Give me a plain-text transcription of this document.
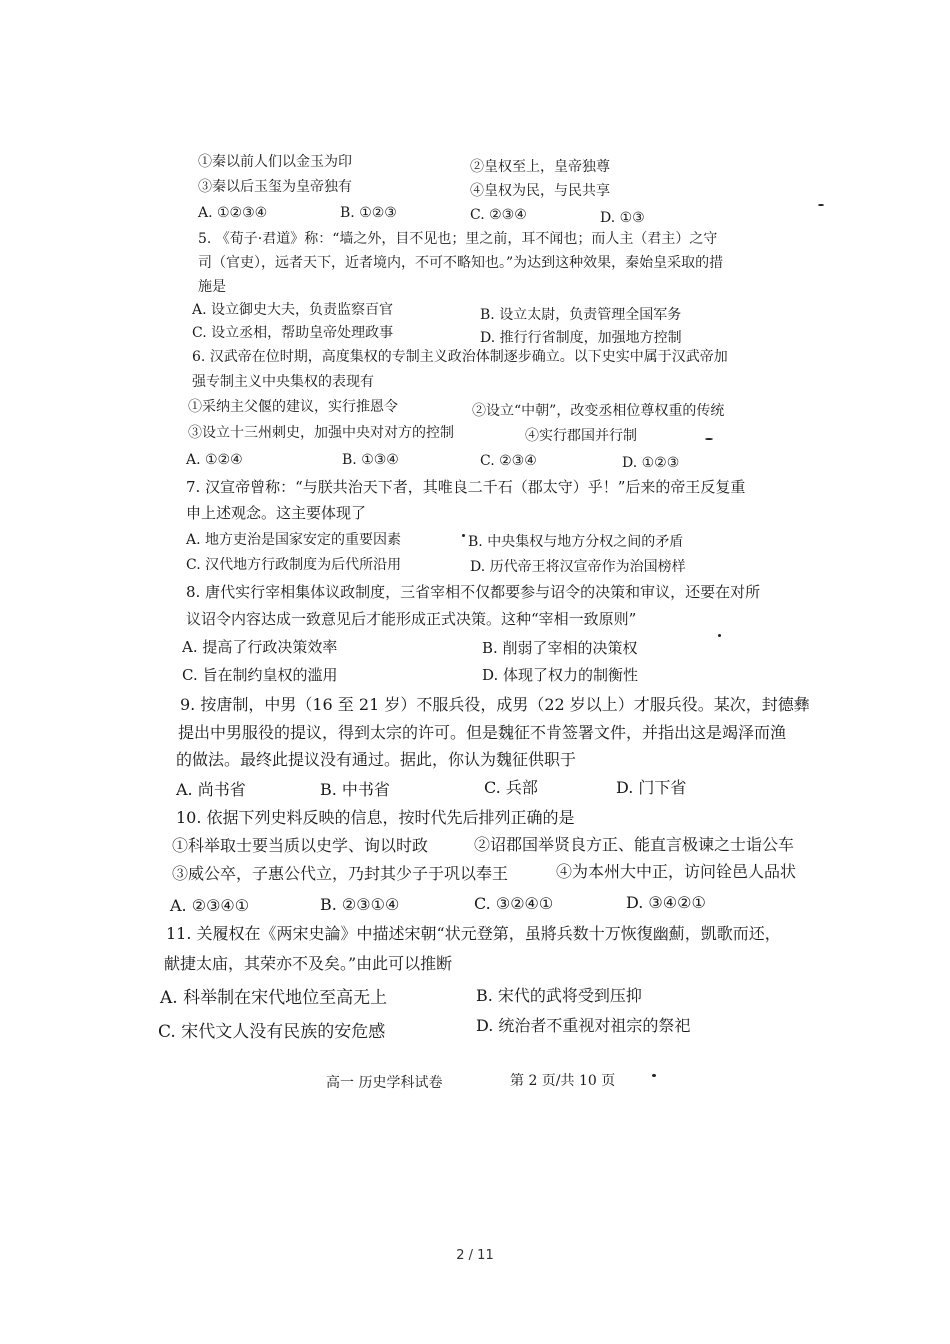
①秦以前人们以金玉为印	②皇权至上，皇帝独尊
③秦以后玉玺为皇帝独有	④皇权为民，与民共享
A. ①②③④	B. ①②③	C. ②③④	D. ①③
5. 《荀子·君道》称：“墙之外，目不见也；里之前，耳不闻也；而人主（君主）之守
司（官吏），远者天下，近者境内，不可不略知也。”为达到这种效果，秦始皇采取的措
施是
A. 设立御史大夫，负责监察百官	B. 设立太尉，负责管理全国军务
C. 设立丞相，帮助皇帝处理政事	D. 推行行省制度，加强地方控制
6. 汉武帝在位时期，高度集权的专制主义政治体制逐步确立。以下史实中属于汉武帝加
强专制主义中央集权的表现有
①采纳主父偃的建议，实行推恩令	②设立“中朝”，改变丞相位尊权重的传统
③设立十三州刺史，加强中央对对方的控制	④实行郡国并行制
A. ①②④	B. ①③④	C. ②③④	D. ①②③
7. 汉宣帝曾称：“与朕共治天下者，其唯良二千石（郡太守）乎！”后来的帝王反复重
申上述观念。这主要体现了
A. 地方吏治是国家安定的重要因素	B. 中央集权与地方分权之间的矛盾
C. 汉代地方行政制度为后代所沿用	D. 历代帝王将汉宣帝作为治国榜样
8. 唐代实行宰相集体议政制度，三省宰相不仅都要参与诏令的决策和审议，还要在对所
议诏令内容达成一致意见后才能形成正式决策。这种“宰相一致原则”
A. 提高了行政决策效率	B. 削弱了宰相的决策权
C. 旨在制约皇权的滥用	D. 体现了权力的制衡性
9. 按唐制，中男（16 至 21 岁）不服兵役，成男（22 岁以上）才服兵役。某次，封德彝
提出中男服役的提议，得到太宗的许可。但是魏征不肯签署文件，并指出这是竭泽而渔
的做法。最终此提议没有通过。据此，你认为魏征供职于
A. 尚书省	B. 中书省	C. 兵部	D. 门下省
10. 依据下列史料反映的信息，按时代先后排列正确的是
①科举取士要当质以史学、询以时政	②诏郡国举贤良方正、能直言极谏之士诣公车
③威公卒，子惠公代立，乃封其少子于巩以奉王	④为本州大中正，访问铨邑人品状
A. ②③④①	B. ②③①④	C. ③②④①	D. ③④②①
11. 关履权在《两宋史論》中描述宋朝“状元登第，虽將兵数十万恢復幽薊，凱歌而还，
献捷太庙，其荣亦不及矣。”由此可以推断
A. 科举制在宋代地位至高无上	B. 宋代的武将受到压抑
C. 宋代文人没有民族的安危感	D. 统治者不重视对祖宗的祭祀
高一 历史学科试卷	第 2 页/共 10 页
2 / 11
